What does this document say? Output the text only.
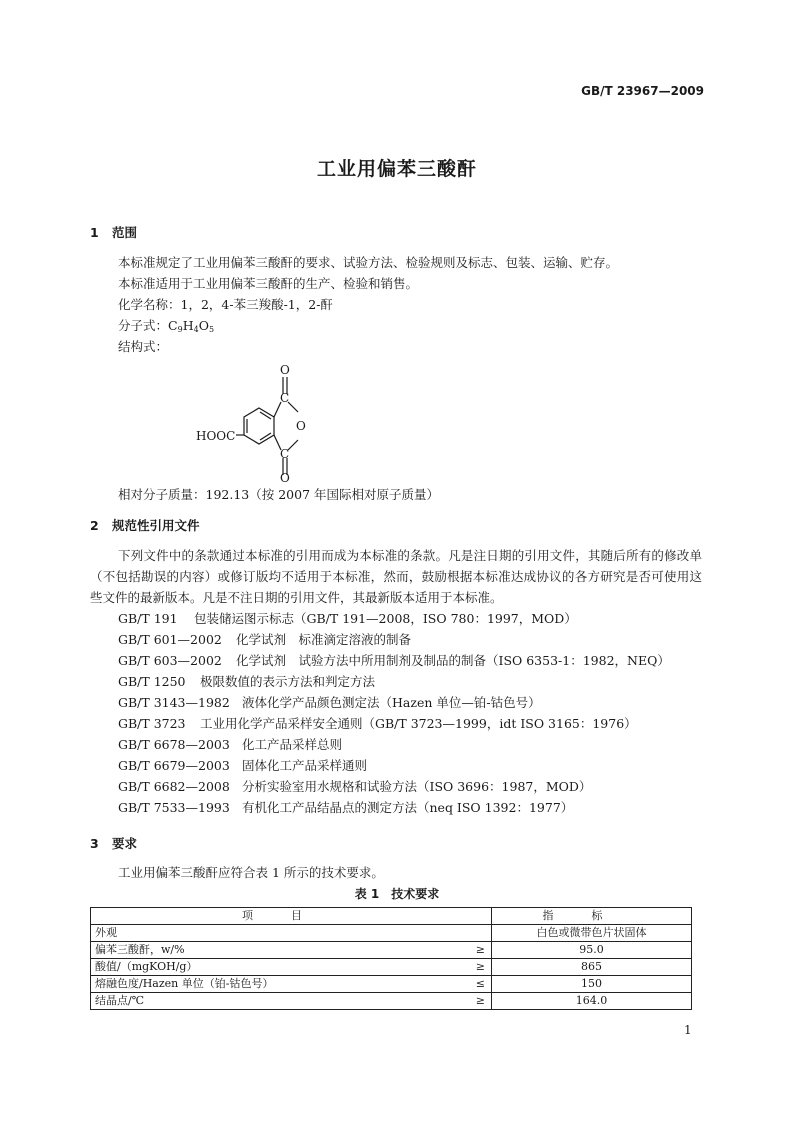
GB/T 23967—2009
工业用偏苯三酸酐
1 范围
本标准规定了工业用偏苯三酸酐的要求、试验方法、检验规则及标志、包装、运输、贮存。
本标准适用于工业用偏苯三酸酐的生产、检验和销售。
化学名称：1，2，4-苯三羧酸-1，2-酐
分子式：$C_9H_4O_5$
结构式：
O
C
O
C
O
HOOC
相对分子质量：192.13（按 2007 年国际相对原子质量）
2 规范性引用文件
下列文件中的条款通过本标准的引用而成为本标准的条款。凡是注日期的引用文件，其随后所有的修改单（不包括勘误的内容）或修订版均不适用于本标准，然而，鼓励根据本标准达成协议的各方研究是否可使用这些文件的最新版本。凡是不注日期的引用文件，其最新版本适用于本标准。
GB/T 191 包装储运图示标志（GB/T 191—2008，ISO 780：1997，MOD）
GB/T 601—2002 化学试剂　标准滴定溶液的制备
GB/T 603—2002 化学试剂　试验方法中所用制剂及制品的制备（ISO 6353-1：1982，NEQ）
GB/T 1250 极限数值的表示方法和判定方法
GB/T 3143—1982 液体化学产品颜色测定法（Hazen 单位—铂-钴色号）
GB/T 3723 工业用化学产品采样安全通则（GB/T 3723—1999，idt ISO 3165：1976）
GB/T 6678—2003 化工产品采样总则
GB/T 6679—2003 固体化工产品采样通则
GB/T 6682—2008 分析实验室用水规格和试验方法（ISO 3696：1987，MOD）
GB/T 7533—1993 有机化工产品结晶点的测定方法（neq ISO 1392：1977）
3 要求
工业用偏苯三酸酐应符合表 1 所示的技术要求。
表 1　技术要求
项目	指标
外观	白色或微带色片状固体
偏苯三酸酐，w/% ≥	95.0
酸值/（mgKOH/g） ≥	865
熔融色度/Hazen 单位（铂-钴色号） ≤	150
结晶点/℃ ≥	164.0
1
